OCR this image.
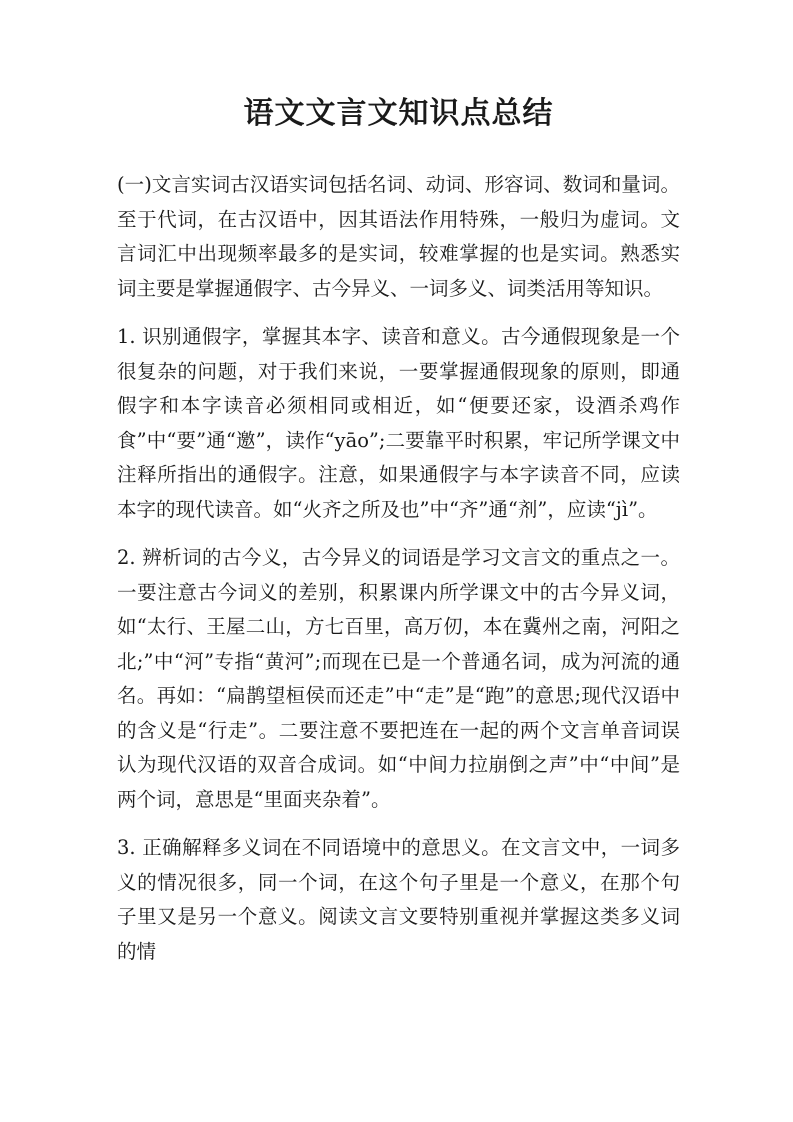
语文文言文知识点总结

(一)文言实词古汉语实词包括名词、动词、形容词、数词和量词。至于代词，在古汉语中，因其语法作用特殊，一般归为虚词。文言词汇中出现频率最多的是实词，较难掌握的也是实词。熟悉实词主要是掌握通假字、古今异义、一词多义、词类活用等知识。

1. 识别通假字，掌握其本字、读音和意义。古今通假现象是一个很复杂的问题，对于我们来说，一要掌握通假现象的原则，即通假字和本字读音必须相同或相近，如“便要还家，设酒杀鸡作食”中“要”通“邀”，读作“yāo”;二要靠平时积累，牢记所学课文中注释所指出的通假字。注意，如果通假字与本字读音不同，应读本字的现代读音。如“火齐之所及也”中“齐”通“剂”，应读“jì”。

2. 辨析词的古今义，古今异义的词语是学习文言文的重点之一。一要注意古今词义的差别，积累课内所学课文中的古今异义词，如“太行、王屋二山，方七百里，高万仞，本在冀州之南，河阳之北;”中“河”专指“黄河”;而现在已是一个普通名词，成为河流的通名。再如：“扁鹊望桓侯而还走”中“走”是“跑”的意思;现代汉语中的含义是“行走”。二要注意不要把连在一起的两个文言单音词误认为现代汉语的双音合成词。如“中间力拉崩倒之声”中“中间”是两个词，意思是“里面夹杂着”。

3. 正确解释多义词在不同语境中的意思义。在文言文中，一词多义的情况很多，同一个词，在这个句子里是一个意义，在那个句子里又是另一个意义。阅读文言文要特别重视并掌握这类多义词的情
